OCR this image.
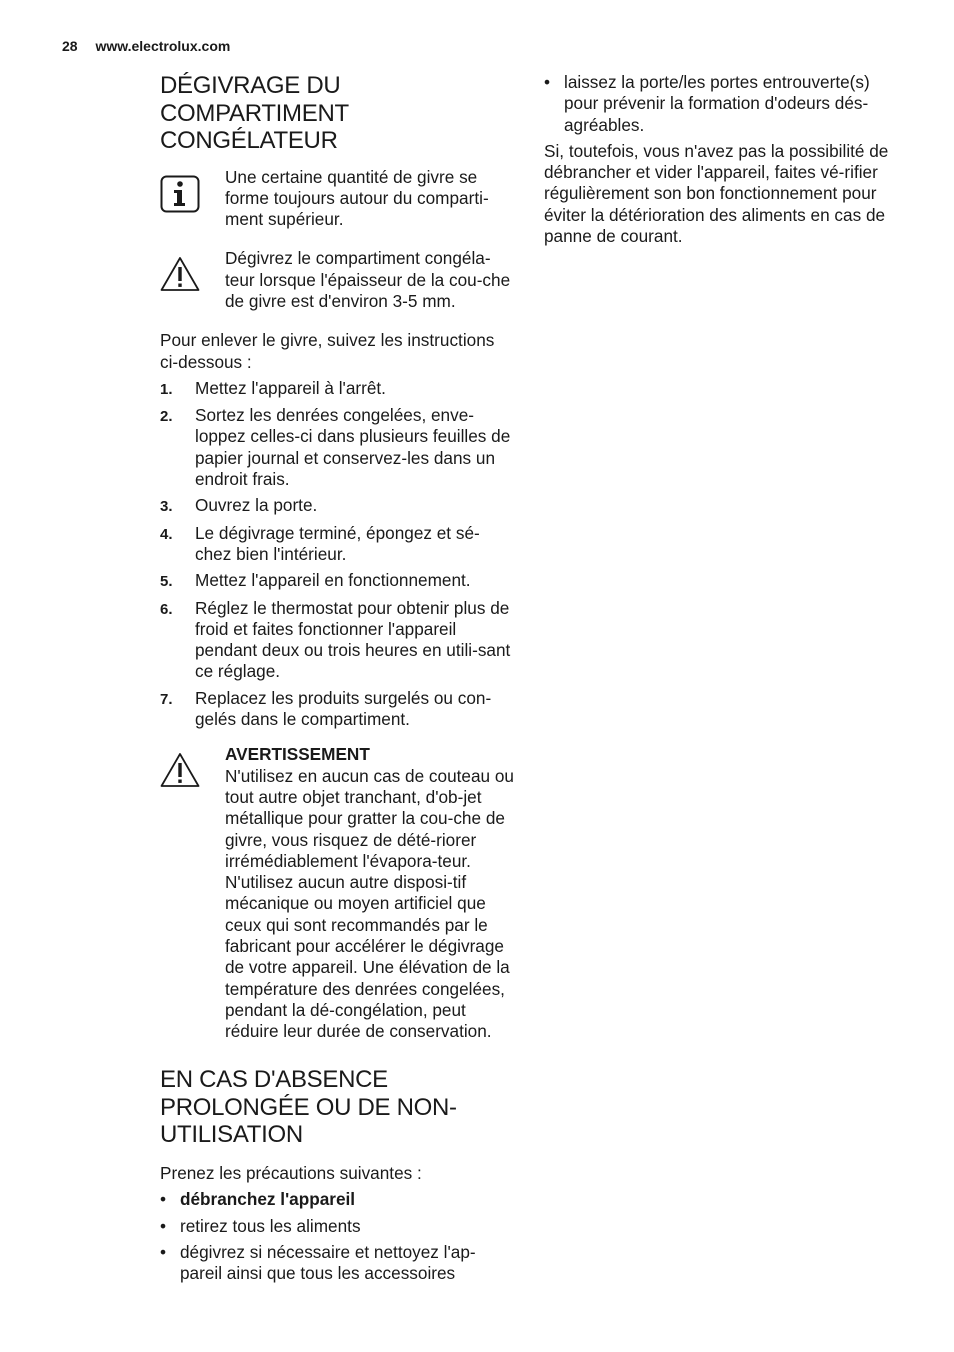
28 www.electrolux.com
DÉGIVRAGE DU
COMPARTIMENT
CONGÉLATEUR
Une certaine quantité de givre se forme toujours autour du comparti-ment supérieur.
Dégivrez le compartiment congéla-teur lorsque l'épaisseur de la cou-che de givre est d'environ 3-5 mm.
Pour enlever le givre, suivez les instructions ci-dessous :
1.	Mettez l'appareil à l'arrêt.
2.	Sortez les denrées congelées, enve-loppez celles-ci dans plusieurs feuilles de papier journal et conservez-les dans un endroit frais.
3.	Ouvrez la porte.
4.	Le dégivrage terminé, épongez et sé-chez bien l'intérieur.
5.	Mettez l'appareil en fonctionnement.
6.	Réglez le thermostat pour obtenir plus de froid et faites fonctionner l'appareil pendant deux ou trois heures en utili-sant ce réglage.
7.	Replacez les produits surgelés ou con-gelés dans le compartiment.
AVERTISSEMENT
N'utilisez en aucun cas de couteau ou tout autre objet tranchant, d'ob-jet métallique pour gratter la cou-che de givre, vous risquez de dété-riorer irrémédiablement l'évapora-teur. N'utilisez aucun autre disposi-tif mécanique ou moyen artificiel que ceux qui sont recommandés par le fabricant pour accélérer le dégivrage de votre appareil. Une élévation de la température des denrées congelées, pendant la dé-congélation, peut réduire leur durée de conservation.
EN CAS D'ABSENCE
PROLONGÉE OU DE NON-
UTILISATION
Prenez les précautions suivantes :
• débranchez l'appareil
• retirez tous les aliments
• dégivrez si nécessaire et nettoyez l'ap-pareil ainsi que tous les accessoires
• laissez la porte/les portes entrouverte(s) pour prévenir la formation d'odeurs dés-agréables.
Si, toutefois, vous n'avez pas la possibilité de débrancher et vider l'appareil, faites vé-rifier régulièrement son bon fonctionnement pour éviter la détérioration des aliments en cas de panne de courant.
